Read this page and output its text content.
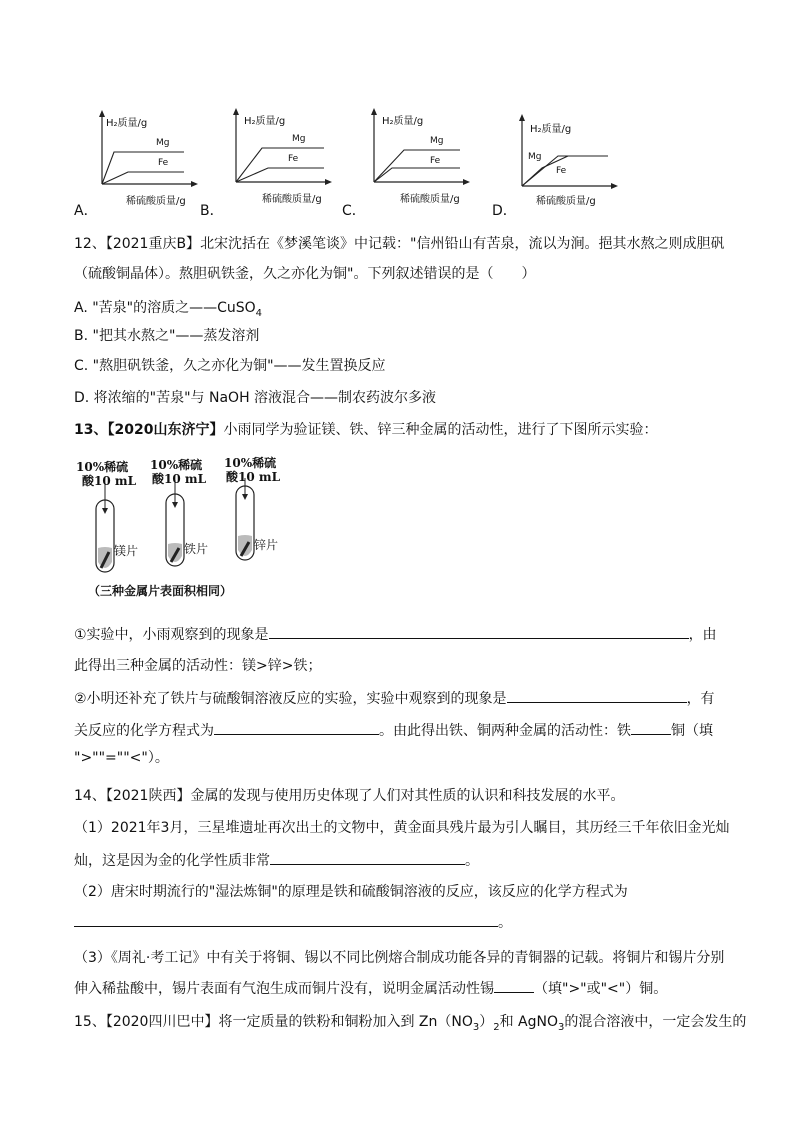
H₂质量/g
Mg
Fe
稀硫酸质量/g
A．
H₂质量/g
Mg
Fe
稀硫酸质量/g
B．
H₂质量/g
Mg
Fe
稀硫酸质量/g
C．
H₂质量/g
Mg
Fe
稀硫酸质量/g
D．
12、【2021重庆B】北宋沈括在《梦溪笔谈》中记载："信州铅山有苦泉，流以为涧。挹其水熬之则成胆矾
（硫酸铜晶体）。熬胆矾铁釜，久之亦化为铜"。下列叙述错误的是（　　）
A. "苦泉"的溶质之——CuSO$_4$
B. "把其水熬之"——蒸发溶剂
C. "熬胆矾铁釜，久之亦化为铜"——发生置换反应
D. 将浓缩的"苦泉"与 NaOH 溶液混合——制农药波尔多液
13、【2020山东济宁】小雨同学为验证镁、铁、锌三种金属的活动性，进行了下图所示实验：
10%稀硫
酸10 mL
镁片
10%稀硫
酸10 mL
铁片
10%稀硫
酸10 mL
锌片
（三种金属片表面积相同）
①实验中，小雨观察到的现象是	，由
此得出三种金属的活动性：镁>锌>铁；
②小明还补充了铁片与硫酸铜溶液反应的实验，实验中观察到的现象是	，有
关反应的化学方程式为	。由此得出铁、铜两种金属的活动性：铁	铜（填
">""=""<"）。
14、【2021陕西】金属的发现与使用历史体现了人们对其性质的认识和科技发展的水平。
（1）2021年3月，三星堆遗址再次出土的文物中，黄金面具残片最为引人瞩目，其历经三千年依旧金光灿
灿，这是因为金的化学性质非常	。
（2）唐宋时期流行的"湿法炼铜"的原理是铁和硫酸铜溶液的反应，该反应的化学方程式为
。
（3）《周礼·考工记》中有关于将铜、锡以不同比例熔合制成功能各异的青铜器的记载。将铜片和锡片分别
伸入稀盐酸中，锡片表面有气泡生成而铜片没有，说明金属活动性锡	（填">"或"<"）铜。
15、【2020四川巴中】将一定质量的铁粉和铜粉加入到 $Zn(NO_3)_2$和 AgNO$_3$的混合溶液中，一定会发生的
